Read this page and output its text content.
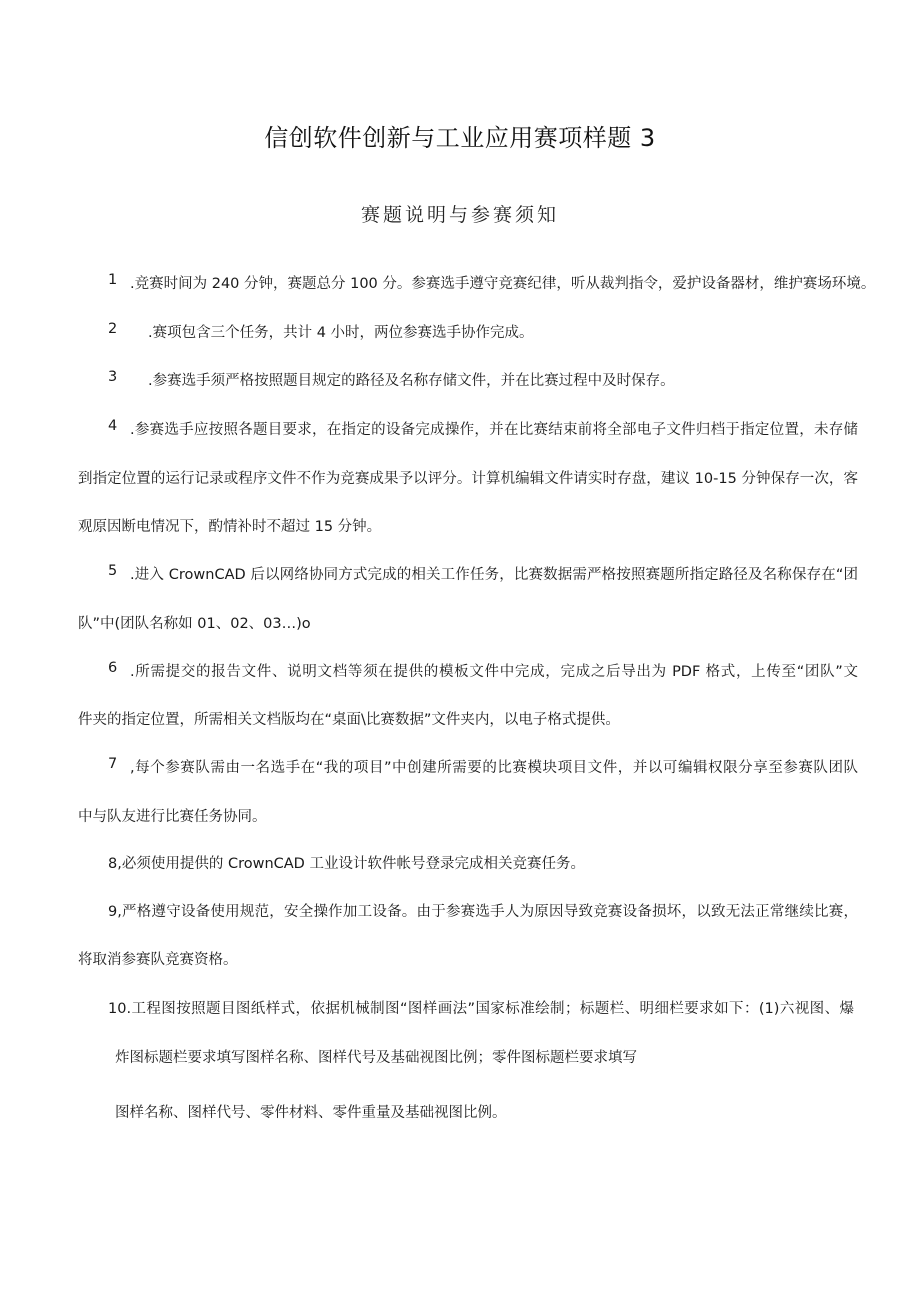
信创软件创新与工业应用赛项样题 3
赛题说明与参赛须知
1 .竞赛时间为 240 分钟，赛题总分 100 分。参赛选手遵守竞赛纪律，听从裁判指令，爱护设备器材，维护赛场环境。
2 .赛项包含三个任务，共计 4 小时，两位参赛选手协作完成。
3 .参赛选手须严格按照题目规定的路径及名称存储文件，并在比赛过程中及时保存。
4 .参赛选手应按照各题目要求，在指定的设备完成操作，并在比赛结束前将全部电子文件归档于指定位置，未存储
到指定位置的运行记录或程序文件不作为竞赛成果予以评分。计算机编辑文件请实时存盘，建议 10-15 分钟保存一次，客
观原因断电情况下，酌情补时不超过 15 分钟。
5 .进入 CrownCAD 后以网络协同方式完成的相关工作任务，比赛数据需严格按照赛题所指定路径及名称保存在“团
队”中(团队名称如 01、02、03…)o
6 .所需提交的报告文件、说明文档等须在提供的模板文件中完成，完成之后导出为 PDF 格式，上传至“团队”文
件夹的指定位置，所需相关文档版均在“桌面\比赛数据”文件夹内，以电子格式提供。
7 ,每个参赛队需由一名选手在“我的项目”中创建所需要的比赛模块项目文件，并以可编辑权限分享至参赛队团队
中与队友进行比赛任务协同。
8,必须使用提供的 CrownCAD 工业设计软件帐号登录完成相关竞赛任务。
9,严格遵守设备使用规范，安全操作加工设备。由于参赛选手人为原因导致竞赛设备损坏，以致无法正常继续比赛，
将取消参赛队竞赛资格。
10.工程图按照题目图纸样式，依据机械制图“图样画法”国家标准绘制；标题栏、明细栏要求如下：(1)六视图、爆
炸图标题栏要求填写图样名称、图样代号及基础视图比例；零件图标题栏要求填写
图样名称、图样代号、零件材料、零件重量及基础视图比例。
